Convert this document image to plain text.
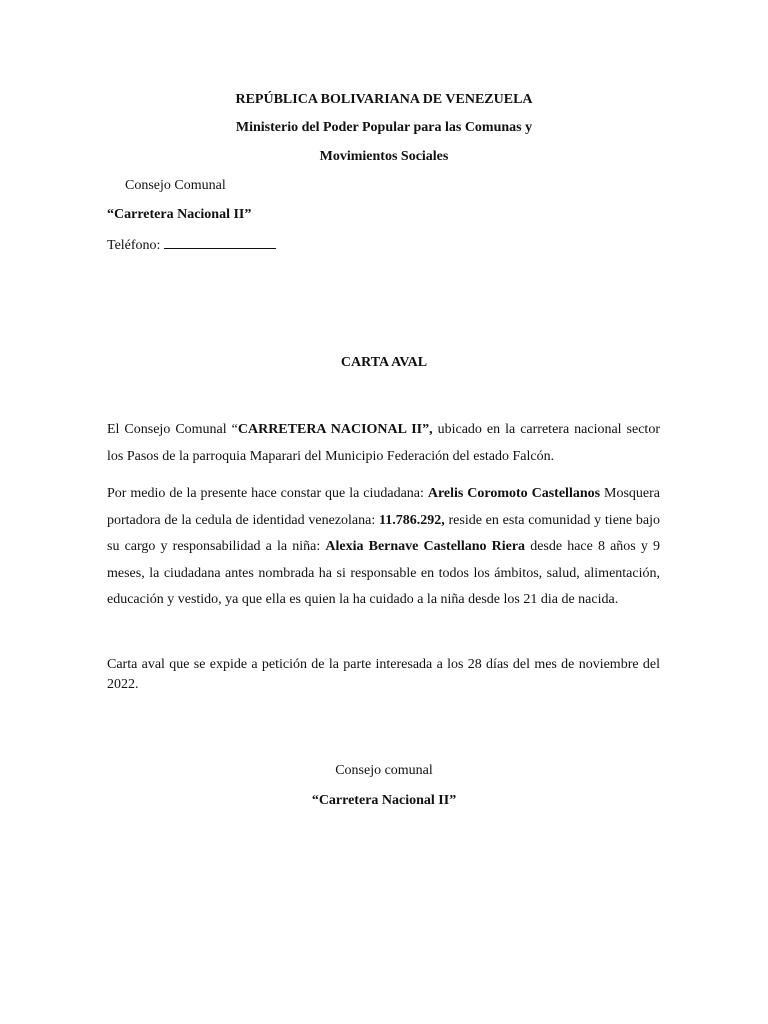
REPÚBLICA BOLIVARIANA DE VENEZUELA
Ministerio del Poder Popular para las Comunas y
Movimientos Sociales
Consejo Comunal
“Carretera Nacional II”
Teléfono:
CARTA AVAL
El Consejo Comunal “CARRETERA NACIONAL II”, ubicado en la carretera nacional sector los Pasos de la parroquia Maparari del Municipio Federación del estado Falcón.
Por medio de la presente hace constar que la ciudadana: Arelis Coromoto Castellanos Mosquera portadora de la cedula de identidad venezolana: 11.786.292, reside en esta comunidad y tiene bajo su cargo y responsabilidad a la niña: Alexia Bernave Castellano Riera desde hace 8 años y 9 meses, la ciudadana antes nombrada ha si responsable en todos los ámbitos, salud, alimentación, educación y vestido, ya que ella es quien la ha cuidado a la niña desde los 21 dia de nacida.
Carta aval que se expide a petición de la parte interesada a los 28 días del mes de noviembre del 2022.
Consejo comunal
“Carretera Nacional II”
